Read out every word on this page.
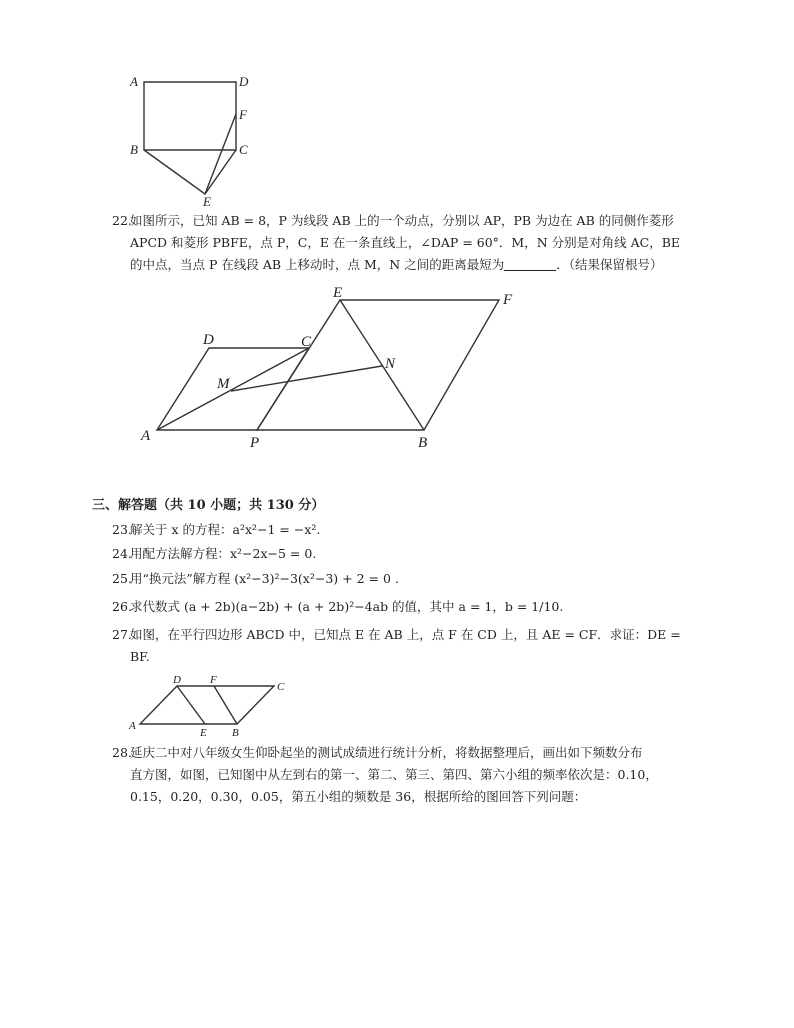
A	D
F
B	C
E
22.如图所示，已知 AB = 8，P 为线段 AB 上的一个动点，分别以 AP，PB 为边在 AB 的同侧作菱形
APCD 和菱形 PBFE，点 P，C，E 在一条直线上，∠DAP = 60°．M，N 分别是对角线 AC，BE
的中点，当点 P 在线段 AB 上移动时，点 M，N 之间的距离最短为	．（结果保留根号）
E	F
D	C
N
M
A	P	B
三、解答题（共 10 小题；共 130 分）
23.解关于 x 的方程：a²x²−1 = −x².
24.用配方法解方程：x²−2x−5 = 0.
25.用“换元法”解方程 (x²−3)²−3(x²−3) + 2 = 0 .
26.求代数式 (a + 2b)(a−2b) + (a + 2b)²−4ab 的值，其中 a = 1，b = 1/10.
27.如图，在平行四边形 ABCD 中，已知点 E 在 AB 上，点 F 在 CD 上，且 AE = CF．求证：DE =
BF.
D	F
C
A
E B
28.延庆二中对八年级女生仰卧起坐的测试成绩进行统计分析，将数据整理后，画出如下频数分布
直方图，如图，已知图中从左到右的第一、第二、第三、第四、第六小组的频率依次是：0.10，
0.15，0.20，0.30，0.05，第五小组的频数是 36，根据所给的图回答下列问题：
